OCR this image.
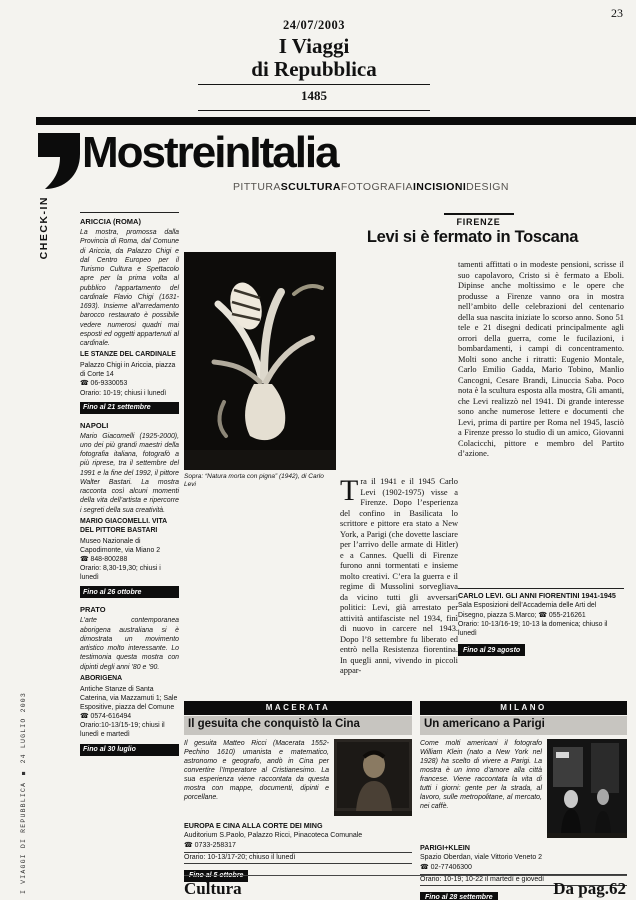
23
24/07/2003
I Viaggi
di Repubblica
1485
MostreinItalia
PITTURASCULTURAFOTOGRAFIAINCISIONIDESIGN
CHECK-IN
I VIAGGI DI REPUBBLICA ■ 24 LUGLIO 2003
ARICCIA (ROMA)

La mostra, promossa dalla Provincia di Roma, dal Comune di Ariccia, da Palazzo Chigi e dal Centro Europeo per il Turismo Cultura e Spettacolo apre per la prima volta al pubblico l’appartamento del cardinale Flavio Chigi (1631-1693). Insieme all’arredamento barocco restaurato è possibile vedere numerosi quadri mai esposti ed oggetti appartenuti al cardinale.

LE STANZE DEL CARDINALE

Palazzo Chigi in Ariccia, piazza di Corte 14

☎ 06-9330053

Orario: 10-19; chiusi i lunedì

Fino al 21 settembre
NAPOLI

Mario Giacomelli (1925-2000), uno dei più grandi maestri della fotografia italiana, fotografò a più riprese, tra il settembre del 1991 e la fine del 1992, il pittore Walter Bastari. La mostra racconta così alcuni momenti della vita dell’artista e ripercorre i segreti della sua creatività.

MARIO GIACOMELLI. VITA DEL PITTORE BASTARI

Museo Nazionale di Capodimonte, via Miano 2

☎ 848-800288

Orario: 8,30-19,30; chiusi i lunedì

Fino al 26 ottobre
PRATO

L’arte contemporanea aborigena australiana si è dimostrata un movimento artistico molto interessante. Lo testimonia questa mostra con dipinti degli anni ’80 e ’90.

ABORIGENA

Antiche Stanze di Santa Caterina, via Mazzamuti 1; Sale Espositive, piazza del Comune

☎ 0574-616494

Orario:10-13/15-19; chiusi il lunedì e martedì

Fino al 30 luglio
FIRENZE
Levi si è fermato in Toscana
Sopra: “Natura morta con pigna” (1942), di Carlo Levi	Tra il 1941 e il 1945 Carlo Levi (1902-1975) visse a Firenze. Dopo l’esperienza del confino in Basilicata lo scrittore e pittore era stato a New York, a Parigi (che dovette lasciare per l’arrivo delle armate di Hitler) e a Cannes. Quelli di Firenze furono anni tormentati e insieme molto creativi. C’era la guerra e il regime di Mussolini sorvegliava da vicino tutti gli avversari politici: Levi, già arrestato per attività antifasciste nel 1934, finì di nuovo in carcere nel 1943. Dopo l’8 settembre fu liberato ed entrò nella Resistenza fiorentina. In quegli anni, vivendo in piccoli appar-
tamenti affittati o in modeste pensioni, scrisse il suo capolavoro, Cristo si è fermato a Eboli. Dipinse anche moltissimo e le opere che produsse a Firenze vanno ora in mostra nell’ambito delle celebrazioni del centenario della sua nascita iniziate lo scorso anno. Sono 51 tele e 21 disegni dedicati principalmente agli orrori della guerra, come le fucilazioni, i bombardamenti, i campi di concentramento. Molti sono anche i ritratti: Eugenio Montale, Carlo Emilio Gadda, Mario Tobino, Manlio Cancogni, Cesare Brandi, Linuccia Saba. Poco nota è la scultura esposta alla mostra, Gli amanti, che Levi realizzò nel 1941. Di grande interesse sono anche numerose lettere e documenti che Levi, prima di partire per Roma nel 1945, lasciò a Firenze presso lo studio di un amico, Giovanni Colacicchi, pittore e membro del Partito d’azione.
CARLO LEVI. GLI ANNI FIORENTINI 1941-1945

Sala Esposizioni dell’Accademia delle Arti del Disegno, piazza S.Marco; ☎ 055-216261

Orario: 10-13/16-19; 10-13 la domenica; chiuso il lunedì

Fino al 29 agosto
MACERATA
Il gesuita che conquistò la Cina

Il gesuita Matteo Ricci (Macerata 1552-Pechino 1610) umanista e matematico, astronomo e geografo, andò in Cina per convertire l’Imperatore al Cristianesimo. La sua esperienza viene raccontata da questa mostra con mappe, documenti, dipinti e porcellane.

EUROPA E CINA ALLA CORTE DEI MING

Auditorium S.Paolo, Palazzo Ricci, Pinacoteca Comunale

☎ 0733-258317

Orario: 10-13/17-20; chiuso il lunedì

Fino al 5 ottobre
MILANO
Un americano a Parigi

Come molti americani il fotografo William Klein (nato a New York nel 1928) ha scelto di vivere a Parigi. La mostra è un inno d’amore alla città francese. Viene raccontata la vita di tutti i giorni: gente per la strada, al lavoro, sulle metropolitane, al mercato, nei caffè.

PARIGI+KLEIN

Spazio Oberdan, viale Vittorio Veneto 2

☎ 02-77406300

Orario: 10-19; 10-22 il martedì e giovedì

Fino al 28 settembre
Cultura	Da pag.62
